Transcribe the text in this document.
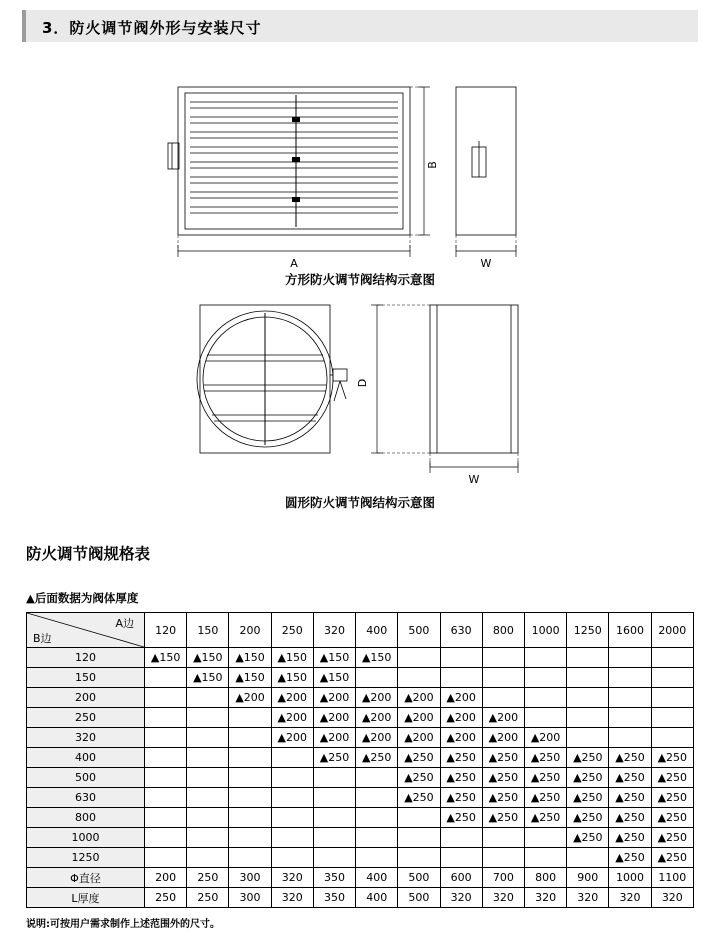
3．防火调节阀外形与安装尺寸
B
A	W
D
W
方形防火调节阀结构示意图
圆形防火调节阀结构示意图
防火调节阀规格表
▲后面数据为阀体厚度
A边
B边	120	150	200	250	320	400	500	630	800	1000	1250	1600	2000
120	▲150	▲150	▲150	▲150	▲150	▲150							
150		▲150	▲150	▲150	▲150								
200			▲200	▲200	▲200	▲200	▲200	▲200					
250				▲200	▲200	▲200	▲200	▲200	▲200				
320				▲200	▲200	▲200	▲200	▲200	▲200	▲200			
400					▲250	▲250	▲250	▲250	▲250	▲250	▲250	▲250	▲250
500							▲250	▲250	▲250	▲250	▲250	▲250	▲250
630							▲250	▲250	▲250	▲250	▲250	▲250	▲250
800								▲250	▲250	▲250	▲250	▲250	▲250
1000											▲250	▲250	▲250
1250												▲250	▲250
Φ直径	200	250	300	320	350	400	500	600	700	800	900	1000	1100
L厚度	250	250	300	320	350	400	500	320	320	320	320	320	320
说明:可按用户需求制作上述范围外的尺寸。
